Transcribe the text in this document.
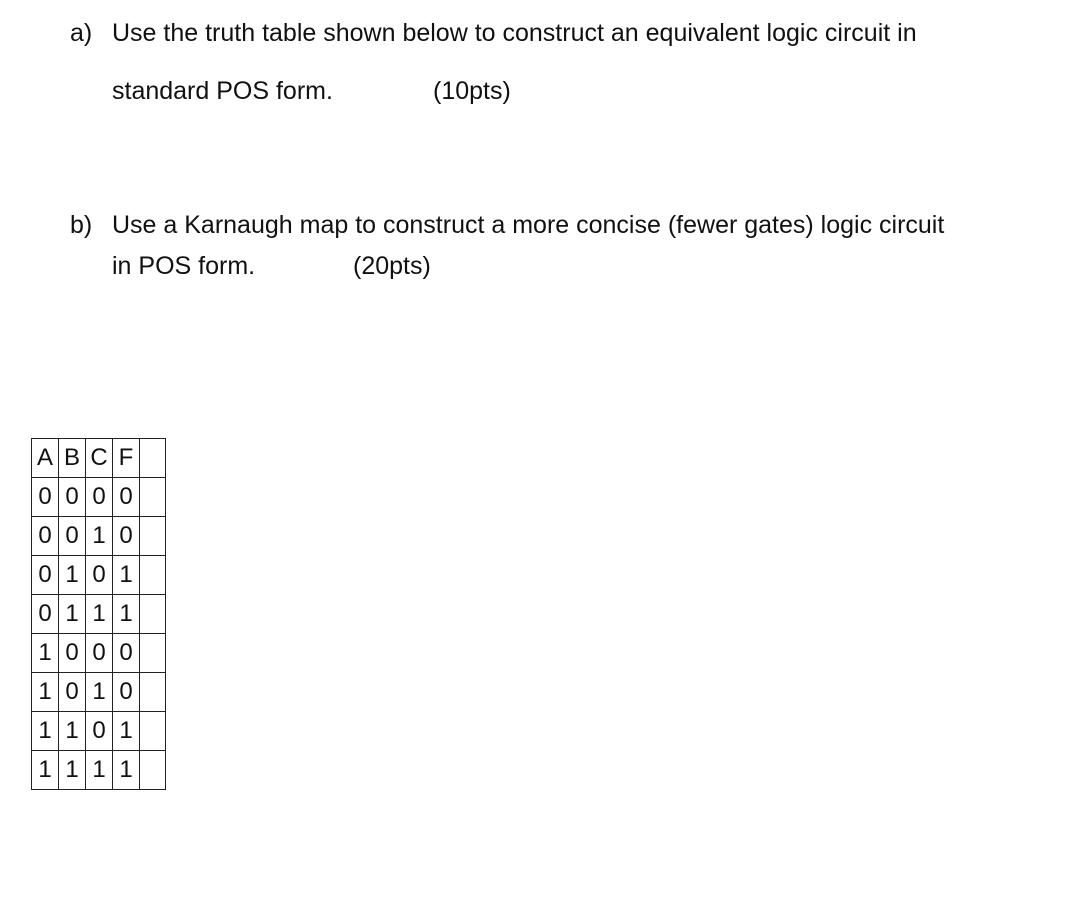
a) Use the truth table shown below to construct an equivalent logic circuit in
standard POS form.	(10pts)
b) Use a Karnaugh map to construct a more concise (fewer gates) logic circuit
in POS form.	(20pts)
A	B	C	F	
0	0	0	0	
0	0	1	0	
0	1	0	1	
0	1	1	1	
1	0	0	0	
1	0	1	0	
1	1	0	1	
1	1	1	1	
